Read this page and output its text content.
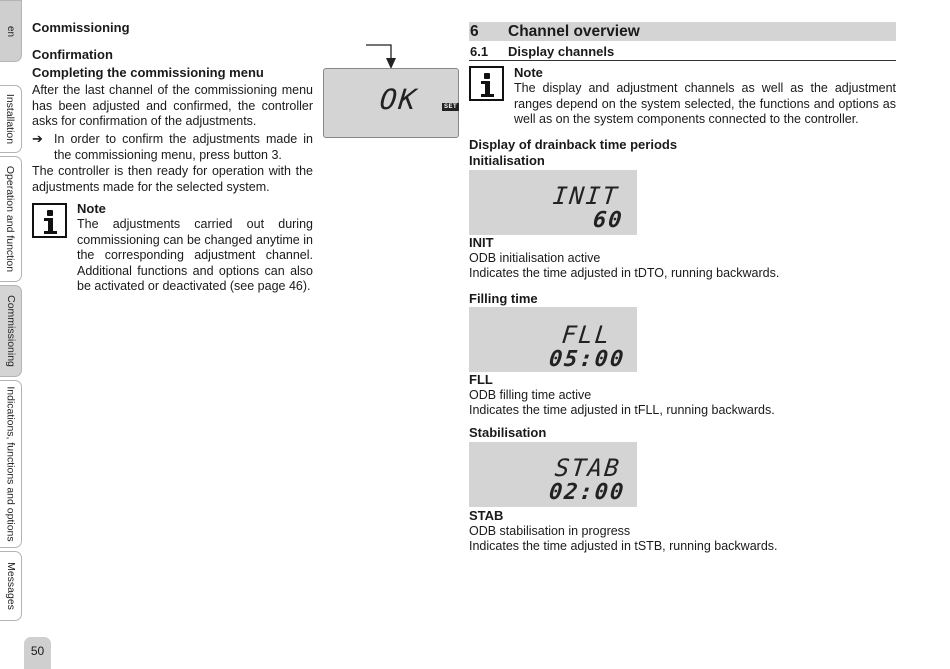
en
Installation
Operation and function
Commissioning
Indications, functions and options
Messages
50
Commissioning
Confirmation
Completing the commissioning menu
After the last channel of the commissioning menu has been adjusted and confirmed, the controller asks for confirmation of the adjustments.
➔ In order to confirm the adjustments made in the commissioning menu, press button 3.
The controller is then ready for operation with the adjustments made for the selected system.
Note
The adjustments carried out during commissioning can be changed anytime in the corresponding adjustment channel. Additional functions and options can also be activated or deactivated (see page 46).
OK	SET
6 Channel overview
6.1 Display channels
Note
The display and adjustment channels as well as the adjustment ranges depend on the system selected, the functions and options as well as on the system components connected to the controller.
Display of drainback time periods
Initialisation
INIT
60
INIT
ODB initialisation active
Indicates the time adjusted in tDTO, running backwards.
Filling time
FLL
05:00
FLL
ODB filling time active
Indicates the time adjusted in tFLL, running backwards.
Stabilisation
STAB
02:00
STAB
ODB stabilisation in progress
Indicates the time adjusted in tSTB, running backwards.
